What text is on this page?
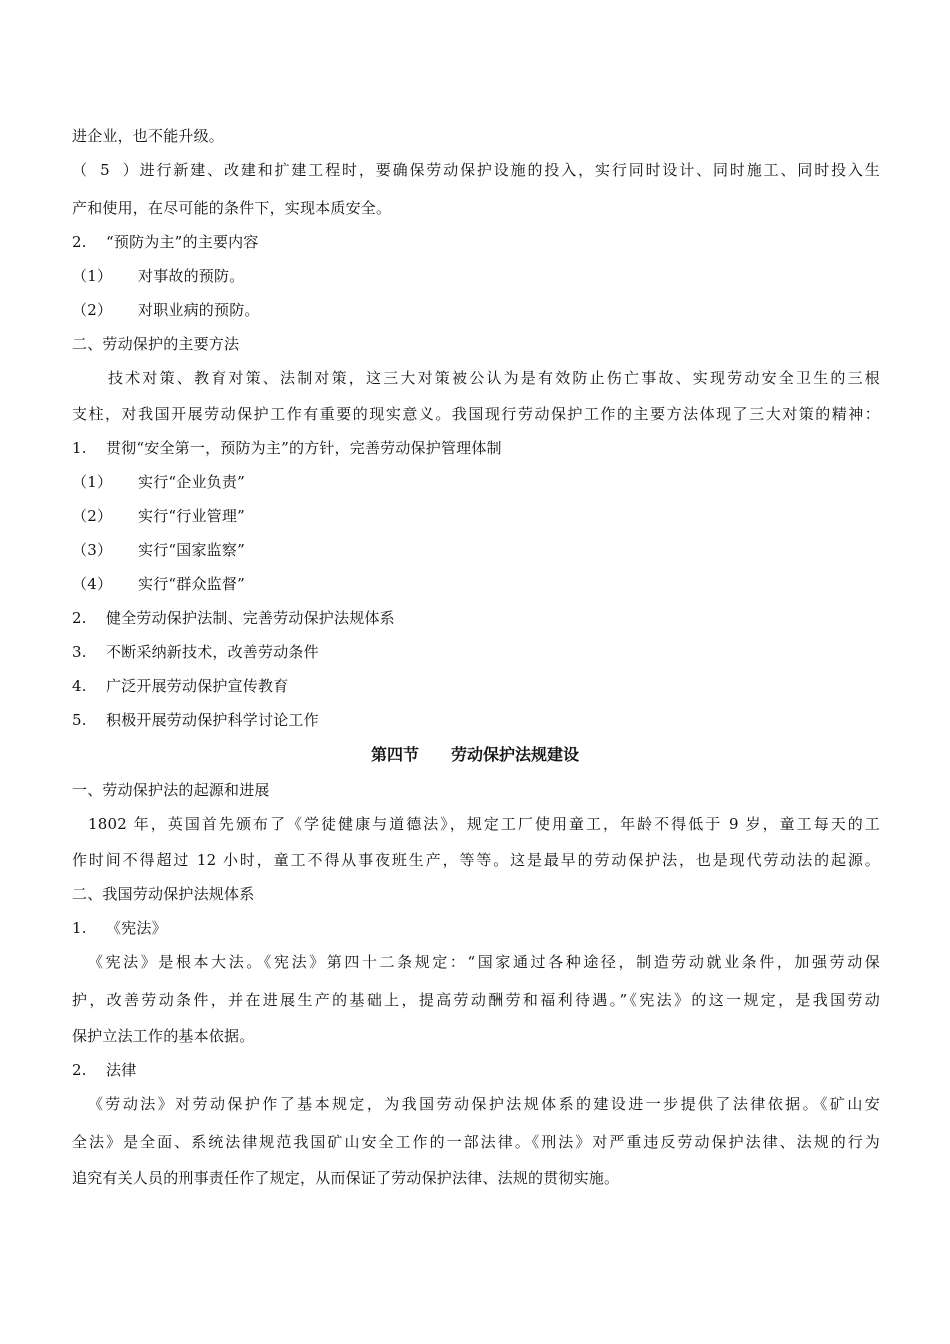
进企业，也不能升级。
（5）进行新建、改建和扩建工程时，要确保劳动保护设施的投入，实行同时设计、同时施工、同时投入生
产和使用，在尽可能的条件下，实现本质安全。
2. “预防为主”的主要内容
（1） 对事故的预防。
（2） 对职业病的预防。
二、劳动保护的主要方法
技术对策、教育对策、法制对策，这三大对策被公认为是有效防止伤亡事故、实现劳动安全卫生的三根
支柱，对我国开展劳动保护工作有重要的现实意义。我国现行劳动保护工作的主要方法体现了三大对策的精神：
1. 贯彻“安全第一，预防为主”的方针，完善劳动保护管理体制
（1） 实行“企业负责”
（2） 实行“行业管理”
（3） 实行“国家监察”
（4） 实行“群众监督”
2. 健全劳动保护法制、完善劳动保护法规体系
3. 不断采纳新技术，改善劳动条件
4. 广泛开展劳动保护宣传教育
5. 积极开展劳动保护科学讨论工作
第四节　　劳动保护法规建设
一、劳动保护法的起源和进展
1802 年，英国首先颁布了《学徒健康与道德法》，规定工厂使用童工，年龄不得低于 9 岁，童工每天的工
作时间不得超过 12 小时，童工不得从事夜班生产，等等。这是最早的劳动保护法，也是现代劳动法的起源。
二、我国劳动保护法规体系
1. 《宪法》
《宪法》是根本大法。《宪法》第四十二条规定：“国家通过各种途径，制造劳动就业条件，加强劳动保
护，改善劳动条件，并在进展生产的基础上，提高劳动酬劳和福利待遇。”《宪法》的这一规定，是我国劳动
保护立法工作的基本依据。
2. 法律
《劳动法》对劳动保护作了基本规定，为我国劳动保护法规体系的建设进一步提供了法律依据。《矿山安
全法》是全面、系统法律规范我国矿山安全工作的一部法律。《刑法》对严重违反劳动保护法律、法规的行为
追究有关人员的刑事责任作了规定，从而保证了劳动保护法律、法规的贯彻实施。
